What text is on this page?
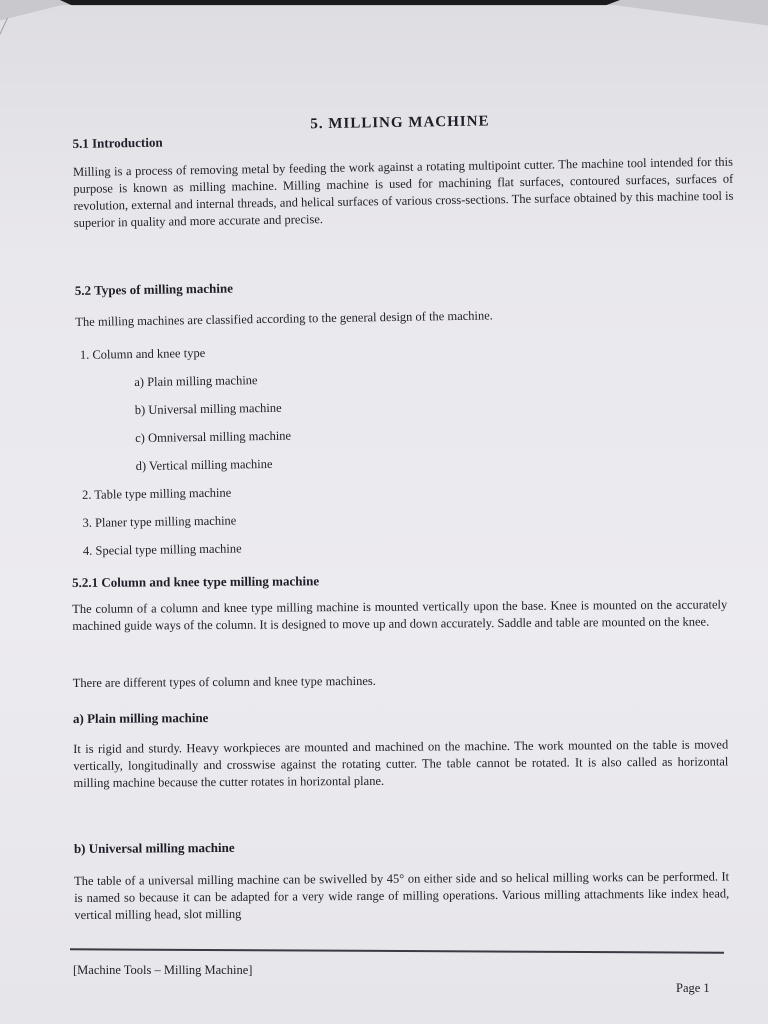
5. MILLING MACHINE
5.1 Introduction

Milling is a process of removing metal by feeding the work against a rotating multipoint cutter. The machine tool intended for this purpose is known as milling machine. Milling machine is used for machining flat surfaces, contoured surfaces, surfaces of revolution, external and internal threads, and helical surfaces of various cross-sections. The surface obtained by this machine tool is superior in quality and more accurate and precise.

5.2 Types of milling machine

The milling machines are classified according to the general design of the machine.

1. Column and knee type
a) Plain milling machine
b) Universal milling machine
c) Omniversal milling machine
d) Vertical milling machine
2. Table type milling machine
3. Planer type milling machine
4. Special type milling machine
5.2.1 Column and knee type milling machine

The column of a column and knee type milling machine is mounted vertically upon the base. Knee is mounted on the accurately machined guide ways of the column. It is designed to move up and down accurately. Saddle and table are mounted on the knee.

There are different types of column and knee type machines.

a) Plain milling machine

It is rigid and sturdy. Heavy workpieces are mounted and machined on the machine. The work mounted on the table is moved vertically, longitudinally and crosswise against the rotating cutter. The table cannot be rotated. It is also called as horizontal milling machine because the cutter rotates in horizontal plane.

b) Universal milling machine

The table of a universal milling machine can be swivelled by 45° on either side and so helical milling works can be performed. It is named so because it can be adapted for a very wide range of milling operations. Various milling attachments like index head, vertical milling head, slot milling

[Machine Tools – Milling Machine]
Page 1
